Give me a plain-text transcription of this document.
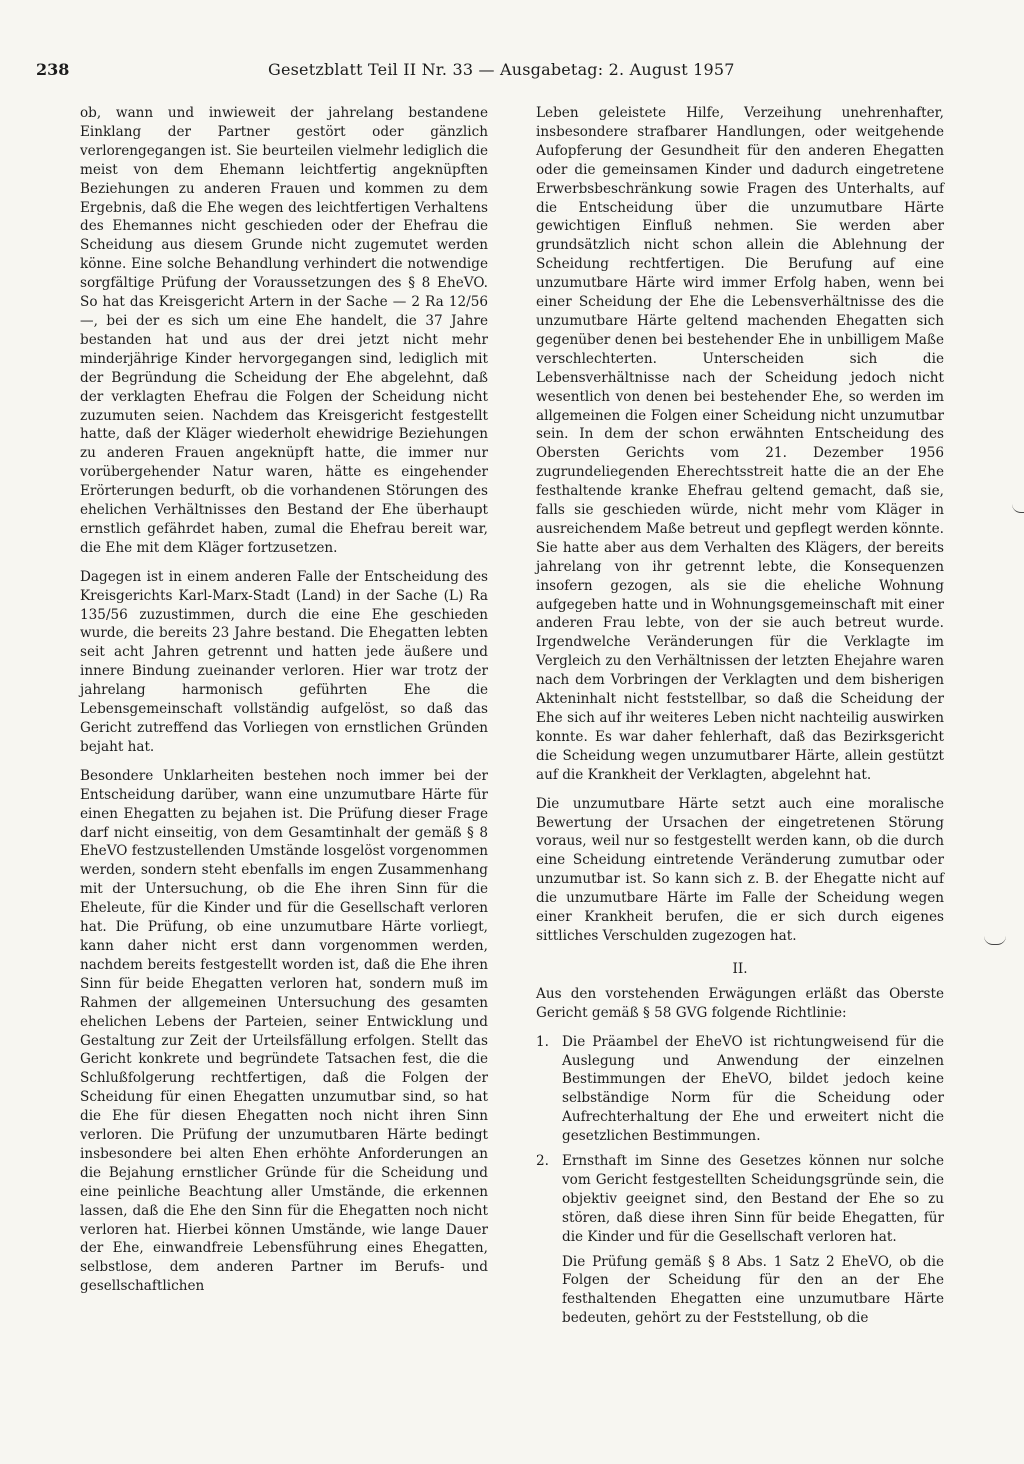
238	Gesetzblatt Teil II Nr. 33 — Ausgabetag: 2. August 1957

ob, wann und inwieweit der jahrelang bestandene Einklang der Partner gestört oder gänzlich verlorengegangen ist. Sie beurteilen vielmehr lediglich die meist von dem Ehemann leichtfertig angeknüpften Beziehungen zu anderen Frauen und kommen zu dem Ergebnis, daß die Ehe wegen des leichtfertigen Verhaltens des Ehemannes nicht geschieden oder der Ehefrau die Scheidung aus diesem Grunde nicht zugemutet werden könne. Eine solche Behandlung verhindert die notwendige sorgfältige Prüfung der Voraussetzungen des § 8 EheVO. So hat das Kreisgericht Artern in der Sache — 2 Ra 12/56 —, bei der es sich um eine Ehe handelt, die 37 Jahre bestanden hat und aus der drei jetzt nicht mehr minderjährige Kinder hervorgegangen sind, lediglich mit der Begründung die Scheidung der Ehe abgelehnt, daß der verklagten Ehefrau die Folgen der Scheidung nicht zuzumuten seien. Nachdem das Kreisgericht festgestellt hatte, daß der Kläger wiederholt ehewidrige Beziehungen zu anderen Frauen angeknüpft hatte, die immer nur vorübergehender Natur waren, hätte es eingehender Erörterungen bedurft, ob die vorhandenen Störungen des ehelichen Verhältnisses den Bestand der Ehe überhaupt ernstlich gefährdet haben, zumal die Ehefrau bereit war, die Ehe mit dem Kläger fortzusetzen.

Dagegen ist in einem anderen Falle der Entscheidung des Kreisgerichts Karl-Marx-Stadt (Land) in der Sache (L) Ra 135/56 zuzustimmen, durch die eine Ehe geschieden wurde, die bereits 23 Jahre bestand. Die Ehegatten lebten seit acht Jahren getrennt und hatten jede äußere und innere Bindung zueinander verloren. Hier war trotz der jahrelang harmonisch geführten Ehe die Lebensgemeinschaft vollständig aufgelöst, so daß das Gericht zutreffend das Vorliegen von ernstlichen Gründen bejaht hat.

Besondere Unklarheiten bestehen noch immer bei der Entscheidung darüber, wann eine unzumutbare Härte für einen Ehegatten zu bejahen ist. Die Prüfung dieser Frage darf nicht einseitig, von dem Gesamtinhalt der gemäß § 8 EheVO festzustellenden Umstände losgelöst vorgenommen werden, sondern steht ebenfalls im engen Zusammenhang mit der Untersuchung, ob die Ehe ihren Sinn für die Eheleute, für die Kinder und für die Gesellschaft verloren hat. Die Prüfung, ob eine unzumutbare Härte vorliegt, kann daher nicht erst dann vorgenommen werden, nachdem bereits festgestellt worden ist, daß die Ehe ihren Sinn für beide Ehegatten verloren hat, sondern muß im Rahmen der allgemeinen Untersuchung des gesamten ehelichen Lebens der Parteien, seiner Entwicklung und Gestaltung zur Zeit der Urteilsfällung erfolgen. Stellt das Gericht konkrete und begründete Tatsachen fest, die die Schlußfolgerung rechtfertigen, daß die Folgen der Scheidung für einen Ehegatten unzumutbar sind, so hat die Ehe für diesen Ehegatten noch nicht ihren Sinn verloren. Die Prüfung der unzumutbaren Härte bedingt insbesondere bei alten Ehen erhöhte Anforderungen an die Bejahung ernstlicher Gründe für die Scheidung und eine peinliche Beachtung aller Umstände, die erkennen lassen, daß die Ehe den Sinn für die Ehegatten noch nicht verloren hat. Hierbei können Umstände, wie lange Dauer der Ehe, einwandfreie Lebensführung eines Ehegatten, selbstlose, dem anderen Partner im Berufs- und gesellschaftlichen

Leben geleistete Hilfe, Verzeihung unehrenhafter, insbesondere strafbarer Handlungen, oder weitgehende Aufopferung der Gesundheit für den anderen Ehegatten oder die gemeinsamen Kinder und dadurch eingetretene Erwerbsbeschränkung sowie Fragen des Unterhalts, auf die Entscheidung über die unzumutbare Härte gewichtigen Einfluß nehmen. Sie werden aber grundsätzlich nicht schon allein die Ablehnung der Scheidung rechtfertigen. Die Berufung auf eine unzumutbare Härte wird immer Erfolg haben, wenn bei einer Scheidung der Ehe die Lebensverhältnisse des die unzumutbare Härte geltend machenden Ehegatten sich gegenüber denen bei bestehender Ehe in unbilligem Maße verschlechterten. Unterscheiden sich die Lebensverhältnisse nach der Scheidung jedoch nicht wesentlich von denen bei bestehender Ehe, so werden im allgemeinen die Folgen einer Scheidung nicht unzumutbar sein. In dem der schon erwähnten Entscheidung des Obersten Gerichts vom 21. Dezember 1956 zugrundeliegenden Eherechtsstreit hatte die an der Ehe festhaltende kranke Ehefrau geltend gemacht, daß sie, falls sie geschieden würde, nicht mehr vom Kläger in ausreichendem Maße betreut und gepflegt werden könnte. Sie hatte aber aus dem Verhalten des Klägers, der bereits jahrelang von ihr getrennt lebte, die Konsequenzen insofern gezogen, als sie die eheliche Wohnung aufgegeben hatte und in Wohnungsgemeinschaft mit einer anderen Frau lebte, von der sie auch betreut wurde. Irgendwelche Veränderungen für die Verklagte im Vergleich zu den Verhältnissen der letzten Ehejahre waren nach dem Vorbringen der Verklagten und dem bisherigen Akteninhalt nicht feststellbar, so daß die Scheidung der Ehe sich auf ihr weiteres Leben nicht nachteilig auswirken konnte. Es war daher fehlerhaft, daß das Bezirksgericht die Scheidung wegen unzumutbarer Härte, allein gestützt auf die Krankheit der Verklagten, abgelehnt hat.

Die unzumutbare Härte setzt auch eine moralische Bewertung der Ursachen der eingetretenen Störung voraus, weil nur so festgestellt werden kann, ob die durch eine Scheidung eintretende Veränderung zumutbar oder unzumutbar ist. So kann sich z. B. der Ehegatte nicht auf die unzumutbare Härte im Falle der Scheidung wegen einer Krankheit berufen, die er sich durch eigenes sittliches Verschulden zugezogen hat.

II.

Aus den vorstehenden Erwägungen erläßt das Oberste Gericht gemäß § 58 GVG folgende Richtlinie:

1. Die Präambel der EheVO ist richtungweisend für die Auslegung und Anwendung der einzelnen Bestimmungen der EheVO, bildet jedoch keine selbständige Norm für die Scheidung oder Aufrechterhaltung der Ehe und erweitert nicht die gesetzlichen Bestimmungen.
2. Ernsthaft im Sinne des Gesetzes können nur solche vom Gericht festgestellten Scheidungsgründe sein, die objektiv geeignet sind, den Bestand der Ehe so zu stören, daß diese ihren Sinn für beide Ehegatten, für die Kinder und für die Gesellschaft verloren hat.

Die Prüfung gemäß § 8 Abs. 1 Satz 2 EheVO, ob die Folgen der Scheidung für den an der Ehe festhaltenden Ehegatten eine unzumutbare Härte bedeuten, gehört zu der Feststellung, ob die
